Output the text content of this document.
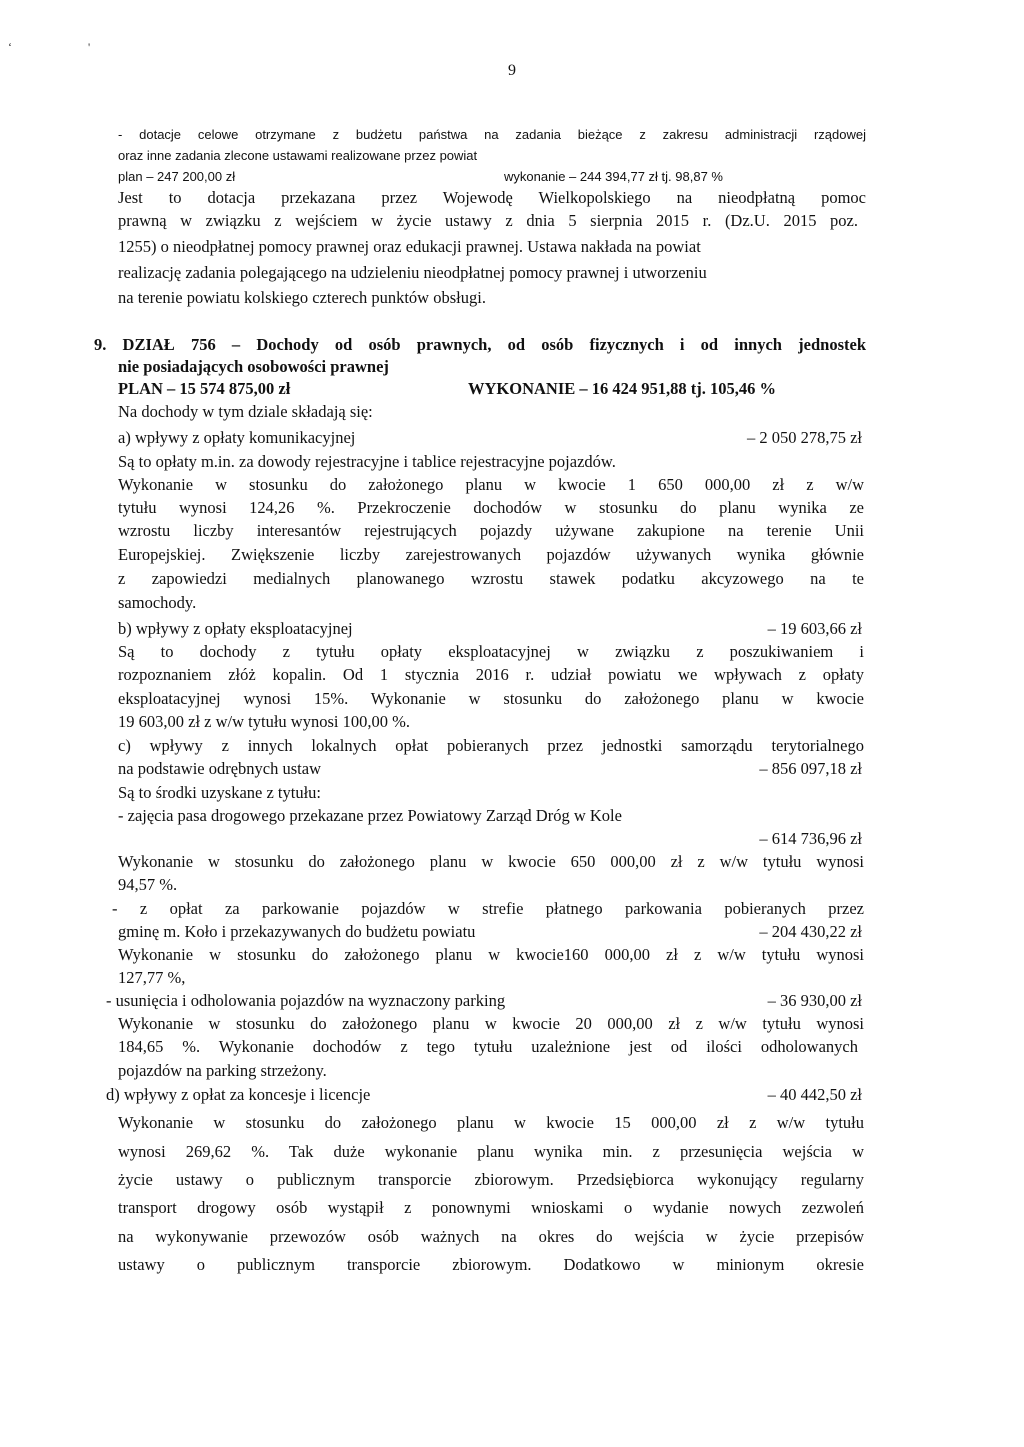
‘	'
9
- dotacje celowe otrzymane z budżetu państwa na zadania bieżące z zakresu administracji rządowej
oraz inne zadania zlecone ustawami realizowane przez powiat
plan – 247 200,00 zł	wykonanie – 244 394,77 zł tj. 98,87 %
Jest to dotacja przekazana przez Wojewodę Wielkopolskiego na nieodpłatną pomoc
prawną w związku z wejściem w życie ustawy z dnia 5 sierpnia 2015 r. (Dz.U. 2015 poz.
1255) o nieodpłatnej pomocy prawnej oraz edukacji prawnej. Ustawa nakłada na powiat
realizację zadania polegającego na udzieleniu nieodpłatnej pomocy prawnej i utworzeniu
na terenie powiatu kolskiego czterech punktów obsługi.
9. DZIAŁ 756 – Dochody od osób prawnych, od osób fizycznych i od innych jednostek
nie posiadających osobowości prawnej
PLAN – 15 574 875,00 zł	WYKONANIE – 16 424 951,88 tj. 105,46 %
Na dochody w tym dziale składają się:
a) wpływy z opłaty komunikacyjnej	– 2 050 278,75 zł
Są to opłaty m.in. za dowody rejestracyjne i tablice rejestracyjne pojazdów.
Wykonanie w stosunku do założonego planu w kwocie 1 650 000,00 zł z w/w
tytułu wynosi 124,26 %. Przekroczenie dochodów w stosunku do planu wynika ze
wzrostu liczby interesantów rejestrujących pojazdy używane zakupione na terenie Unii
Europejskiej. Zwiększenie liczby zarejestrowanych pojazdów używanych wynika głównie
z zapowiedzi medialnych planowanego wzrostu stawek podatku akcyzowego na te
samochody.
b) wpływy z opłaty eksploatacyjnej	– 19 603,66 zł
Są to dochody z tytułu opłaty eksploatacyjnej w związku z poszukiwaniem i
rozpoznaniem złóż kopalin. Od 1 stycznia 2016 r. udział powiatu we wpływach z opłaty
eksploatacyjnej wynosi 15%. Wykonanie w stosunku do założonego planu w kwocie
19 603,00 zł z w/w tytułu wynosi 100,00 %.
c) wpływy z innych lokalnych opłat pobieranych przez jednostki samorządu terytorialnego
na podstawie odrębnych ustaw	– 856 097,18 zł
Są to środki uzyskane z tytułu:
- zajęcia pasa drogowego przekazane przez Powiatowy Zarząd Dróg w Kole
– 614 736,96 zł
Wykonanie w stosunku do założonego planu w kwocie 650 000,00 zł z w/w tytułu wynosi
94,57 %.
- z opłat za parkowanie pojazdów w strefie płatnego parkowania pobieranych przez
gminę m. Koło i przekazywanych do budżetu powiatu	– 204 430,22 zł
Wykonanie w stosunku do założonego planu w kwocie160 000,00 zł z w/w tytułu wynosi
127,77 %,
- usunięcia i odholowania pojazdów na wyznaczony parking	– 36 930,00 zł
Wykonanie w stosunku do założonego planu w kwocie 20 000,00 zł z w/w tytułu wynosi
184,65 %. Wykonanie dochodów z tego tytułu uzależnione jest od ilości odholowanych
pojazdów na parking strzeżony.
d) wpływy z opłat za koncesje i licencje	– 40 442,50 zł
Wykonanie w stosunku do założonego planu w kwocie 15 000,00 zł z w/w tytułu
wynosi 269,62 %. Tak duże wykonanie planu wynika min. z przesunięcia wejścia w
życie ustawy o publicznym transporcie zbiorowym. Przedsiębiorca wykonujący regularny
transport drogowy osób wystąpił z ponownymi wnioskami o wydanie nowych zezwoleń
na wykonywanie przewozów osób ważnych na okres do wejścia w życie przepisów
ustawy o publicznym transporcie zbiorowym. Dodatkowo w minionym okresie
